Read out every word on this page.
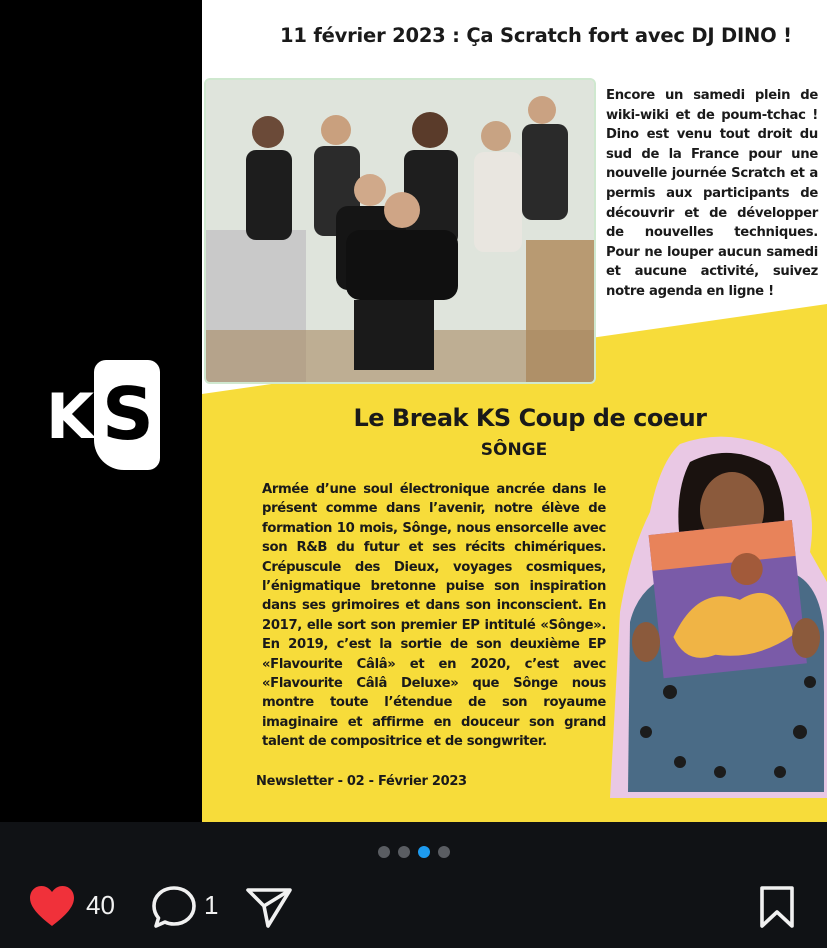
K S
11 février 2023 : Ça Scratch fort avec DJ DINO !
Encore un samedi plein de wiki-wiki et de poum-tchac ! Dino est venu tout droit du sud de la France pour une nouvelle journée Scratch et a permis aux participants de découvrir et de développer de nouvelles techniques. Pour ne louper aucun samedi et aucune activité, suivez notre agenda en ligne !
Le Break KS Coup de coeur
SÔNGE
Armée d’une soul électronique ancrée dans le présent comme dans l’avenir, notre élève de formation 10 mois, Sônge, nous ensorcelle avec son R&B du futur et ses récits chimériques. Crépuscule des Dieux, voyages cosmiques, l’énigmatique bretonne puise son inspiration dans ses grimoires et dans son inconscient. En 2017, elle sort son premier EP intitulé «Sônge». En 2019, c’est la sortie de son deuxième EP «Flavourite Câlâ» et en 2020, c’est avec «Flavourite Câlâ Deluxe» que Sônge nous montre toute l’étendue de son royaume imaginaire et affirme en douceur son grand talent de compositrice et de songwriter.
Newsletter - 02 - Février 2023
40	1
